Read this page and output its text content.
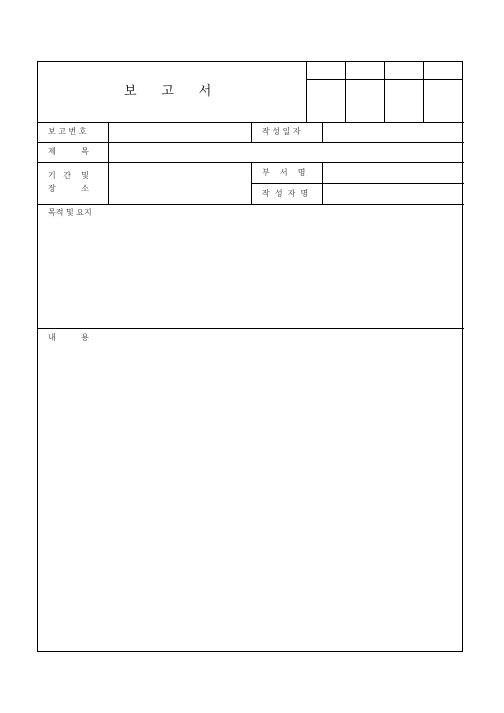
보      고      서
보 고 번 호	작 성 일 자
제          목
기   간    및
장          소
부    서    명
작  성  자  명
목적 및 요지
내          용
